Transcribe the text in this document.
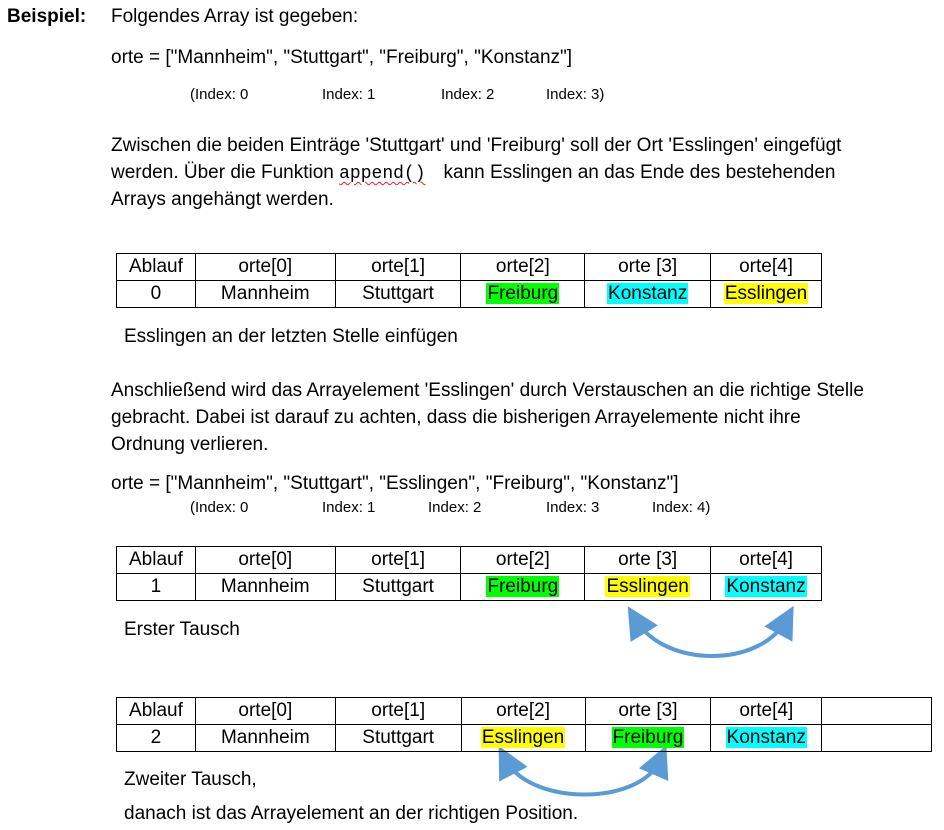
Beispiel: Folgendes Array ist gegeben:
orte = ["Mannheim", "Stuttgart", "Freiburg", "Konstanz"]
(Index: 0	Index: 1	Index: 2	Index: 3)
Zwischen die beiden Einträge 'Stuttgart' und 'Freiburg' soll der Ort 'Esslingen' eingefügt
werden. Über die Funktion append() kann Esslingen an das Ende des bestehenden
Arrays angehängt werden.
Ablauf	orte[0]	orte[1]	orte[2]	orte [3]	orte[4]
0	Mannheim	Stuttgart	Freiburg	Konstanz	Esslingen
Esslingen an der letzten Stelle einfügen
Anschließend wird das Arrayelement 'Esslingen' durch Verstauschen an die richtige Stelle
gebracht. Dabei ist darauf zu achten, dass die bisherigen Arrayelemente nicht ihre
Ordnung verlieren.
orte = ["Mannheim", "Stuttgart", "Esslingen", "Freiburg", "Konstanz"]
(Index: 0	Index: 1	Index: 2	Index: 3	Index: 4)
Ablauf	orte[0]	orte[1]	orte[2]	orte [3]	orte[4]
1	Mannheim	Stuttgart	Freiburg	Esslingen	Konstanz
Erster Tausch
Ablauf	orte[0]	orte[1]	orte[2]	orte [3]	orte[4]	
2	Mannheim	Stuttgart	Esslingen	Freiburg	Konstanz	
Zweiter Tausch,
danach ist das Arrayelement an der richtigen Position.
